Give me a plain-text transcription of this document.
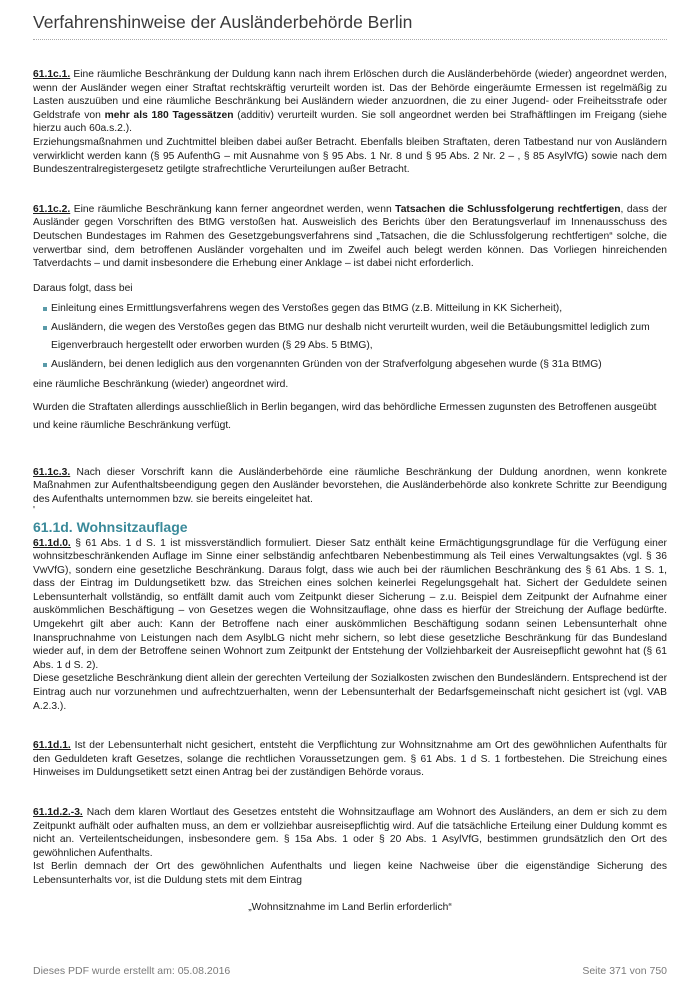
Verfahrenshinweise der Ausländerbehörde Berlin

61.1c.1. Eine räumliche Beschränkung der Duldung kann nach ihrem Erlöschen durch die Ausländerbehörde (wieder) angeordnet werden, wenn der Ausländer wegen einer Straftat rechtskräftig verurteilt worden ist. Das der Behörde eingeräumte Ermessen ist regelmäßig zu Lasten auszuüben und eine räumliche Beschränkung bei Ausländern wieder anzuordnen, die zu einer Jugend- oder Freiheitsstrafe oder Geldstrafe von mehr als 180 Tagessätzen (additiv) verurteilt wurden. Sie soll angeordnet werden bei Strafhäftlingen im Freigang (siehe hierzu auch 60a.s.2.).

Erziehungsmaßnahmen und Zuchtmittel bleiben dabei außer Betracht. Ebenfalls bleiben Straftaten, deren Tatbestand nur von Ausländern verwirklicht werden kann (§ 95 AufenthG – mit Ausnahme von § 95 Abs. 1 Nr. 8 und § 95 Abs. 2 Nr. 2 – , § 85 AsylVfG) sowie nach dem Bundeszentralregistergesetz getilgte strafrechtliche Verurteilungen außer Betracht.

61.1c.2. Eine räumliche Beschränkung kann ferner angeordnet werden, wenn Tatsachen die Schlussfolgerung rechtfertigen, dass der Ausländer gegen Vorschriften des BtMG verstoßen hat. Ausweislich des Berichts über den Beratungsverlauf im Innenausschuss des Deutschen Bundestages im Rahmen des Gesetzgebungsverfahrens sind „Tatsachen, die die Schlussfolgerung rechtfertigen“ solche, die verwertbar sind, dem betroffenen Ausländer vorgehalten und im Zweifel auch belegt werden können. Das Vorliegen hinreichenden Tatverdachts – und damit insbesondere die Erhebung einer Anklage – ist dabei nicht erforderlich.

Daraus folgt, dass bei

Einleitung eines Ermittlungsverfahrens wegen des Verstoßes gegen das BtMG (z.B. Mitteilung in KK Sicherheit),
Ausländern, die wegen des Verstoßes gegen das BtMG nur deshalb nicht verurteilt wurden, weil die Betäubungsmittel lediglich zum Eigenverbrauch hergestellt oder erworben wurden (§ 29 Abs. 5 BtMG),
Ausländern, bei denen lediglich aus den vorgenannten Gründen von der Strafverfolgung abgesehen wurde (§ 31a BtMG)

eine räumliche Beschränkung (wieder) angeordnet wird.

Wurden die Straftaten allerdings ausschließlich in Berlin begangen, wird das behördliche Ermessen zugunsten des Betroffenen ausgeübt und keine räumliche Beschränkung verfügt.

61.1c.3. Nach dieser Vorschrift kann die Ausländerbehörde eine räumliche Beschränkung der Duldung anordnen, wenn konkrete Maßnahmen zur Aufenthaltsbeendigung gegen den Ausländer bevorstehen, die Ausländerbehörde also konkrete Schritte zur Beendigung des Aufenthalts unternommen bzw. sie bereits eingeleitet hat.

'

61.1d. Wohnsitzauflage

61.1d.0. § 61 Abs. 1 d S. 1 ist missverständlich formuliert. Dieser Satz enthält keine Ermächtigungsgrundlage für die Verfügung einer wohnsitzbeschränkenden Auflage im Sinne einer selbständig anfechtbaren Nebenbestimmung als Teil eines Verwaltungsaktes (vgl. § 36 VwVfG), sondern eine gesetzliche Beschränkung. Daraus folgt, dass wie auch bei der räumlichen Beschränkung des § 61 Abs. 1 S. 1, dass der Eintrag im Duldungsetikett bzw. das Streichen eines solchen keinerlei Regelungsgehalt hat. Sichert der Geduldete seinen Lebensunterhalt vollständig, so entfällt damit auch vom Zeitpunkt dieser Sicherung – z.u. Beispiel dem Zeitpunkt der Aufnahme einer auskömmlichen Beschäftigung – von Gesetzes wegen die Wohnsitzauflage, ohne dass es hierfür der Streichung der Auflage bedürfte. Umgekehrt gilt aber auch: Kann der Betroffene nach einer auskömmlichen Beschäftigung sodann seinen Lebensunterhalt ohne Inanspruchnahme von Leistungen nach dem AsylbLG nicht mehr sichern, so lebt diese gesetzliche Beschränkung für das Bundesland wieder auf, in dem der Betroffene seinen Wohnort zum Zeitpunkt der Entstehung der Vollziehbarkeit der Ausreisepflicht gewohnt hat (§ 61 Abs. 1 d S. 2).

Diese gesetzliche Beschränkung dient allein der gerechten Verteilung der Sozialkosten zwischen den Bundesländern. Entsprechend ist der Eintrag auch nur vorzunehmen und aufrechtzuerhalten, wenn der Lebensunterhalt der Bedarfsgemeinschaft nicht gesichert ist (vgl. VAB A.2.3.).

61.1d.1. Ist der Lebensunterhalt nicht gesichert, entsteht die Verpflichtung zur Wohnsitznahme am Ort des gewöhnlichen Aufenthalts für den Geduldeten kraft Gesetzes, solange die rechtlichen Voraussetzungen gem. § 61 Abs. 1 d S. 1 fortbestehen. Die Streichung eines Hinweises im Duldungsetikett setzt einen Antrag bei der zuständigen Behörde voraus.

61.1d.2.-3. Nach dem klaren Wortlaut des Gesetzes entsteht die Wohnsitzauflage am Wohnort des Ausländers, an dem er sich zu dem Zeitpunkt aufhält oder aufhalten muss, an dem er vollziehbar ausreisepflichtig wird. Auf die tatsächliche Erteilung einer Duldung kommt es nicht an. Verteilentscheidungen, insbesondere gem. § 15a Abs. 1 oder § 20 Abs. 1 AsylVfG, bestimmen grundsätzlich den Ort des gewöhnlichen Aufenthalts.

Ist Berlin demnach der Ort des gewöhnlichen Aufenthalts und liegen keine Nachweise über die eigenständige Sicherung des Lebensunterhalts vor, ist die Duldung stets mit dem Eintrag

„Wohnsitznahme im Land Berlin erforderlich“

Dieses PDF wurde erstellt am: 05.08.2016	Seite 371 von 750
